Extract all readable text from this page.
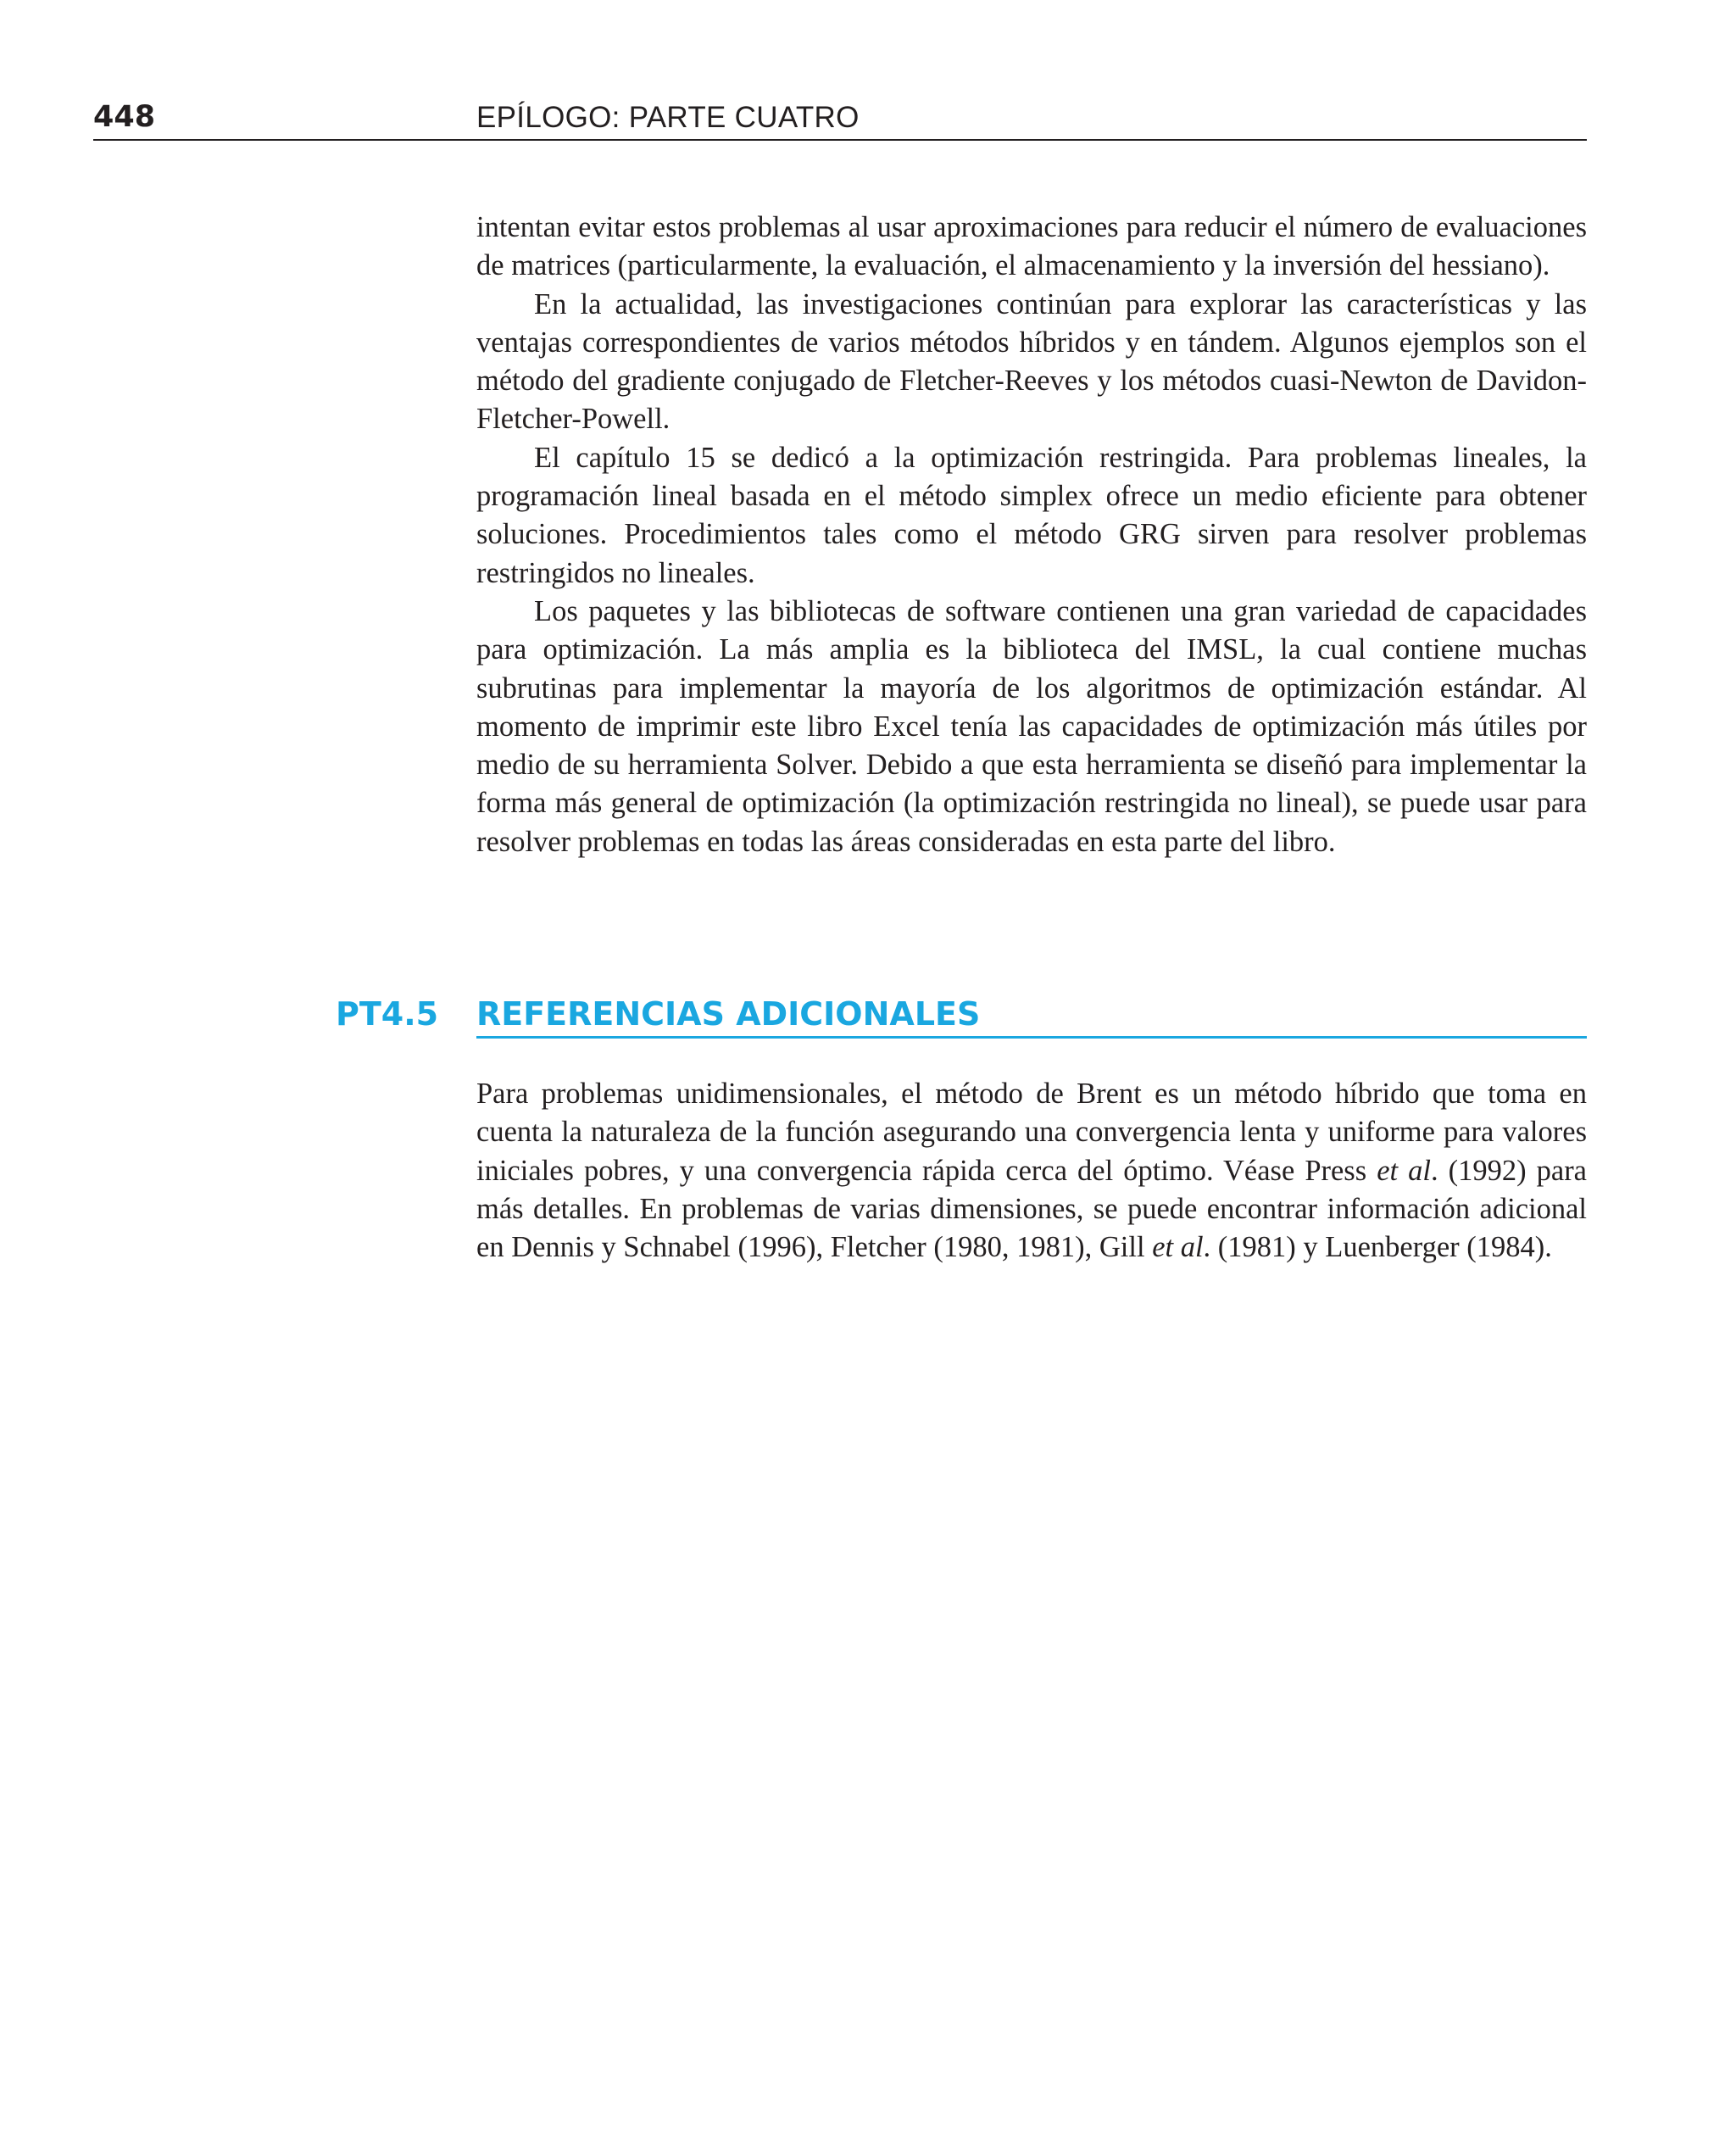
448	EPÍLOGO: PARTE CUATRO

intentan evitar estos problemas al usar aproximaciones para reducir el número de evaluaciones de matrices (particularmente, la evaluación, el almacenamiento y la inversión del hessiano).

En la actualidad, las investigaciones continúan para explorar las características y las ventajas correspondientes de varios métodos híbridos y en tándem. Algunos ejemplos son el método del gradiente conjugado de Fletcher-Reeves y los métodos cuasi-Newton de Davidon-Fletcher-Powell.

El capítulo 15 se dedicó a la optimización restringida. Para problemas lineales, la programación lineal basada en el método simplex ofrece un medio eficiente para obtener soluciones. Procedimientos tales como el método GRG sirven para resolver problemas restringidos no lineales.

Los paquetes y las bibliotecas de software contienen una gran variedad de capacidades para optimización. La más amplia es la biblioteca del IMSL, la cual contiene muchas subrutinas para implementar la mayoría de los algoritmos de optimización estándar. Al momento de imprimir este libro Excel tenía las capacidades de optimización más útiles por medio de su herramienta Solver. Debido a que esta herramienta se diseñó para implementar la forma más general de optimización (la optimización restringida no lineal), se puede usar para resolver problemas en todas las áreas consideradas en esta parte del libro.

PT4.5 REFERENCIAS ADICIONALES

Para problemas unidimensionales, el método de Brent es un método híbrido que toma en cuenta la naturaleza de la función asegurando una convergencia lenta y uniforme para valores iniciales pobres, y una convergencia rápida cerca del óptimo. Véase Press et al. (1992) para más detalles. En problemas de varias dimensiones, se puede encontrar información adicional en Dennis y Schnabel (1996), Fletcher (1980, 1981), Gill et al. (1981) y Luenberger (1984).
